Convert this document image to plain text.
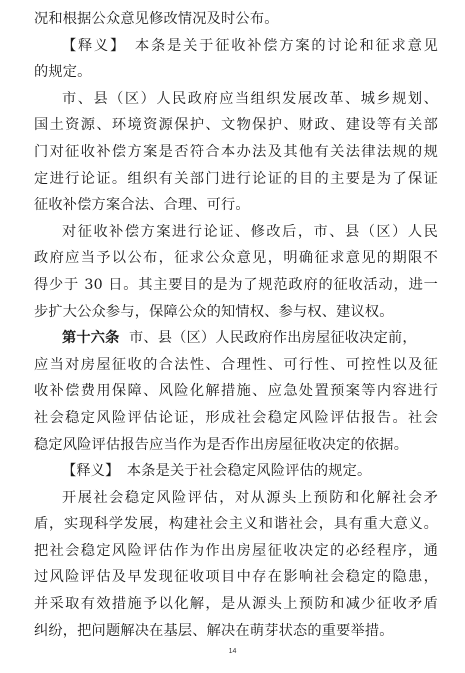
况和根据公众意见修改情况及时公布。
【释义】　本条是关于征收补偿方案的讨论和征求意见
的规定。
市、县（区）人民政府应当组织发展改革、城乡规划、
国土资源、环境资源保护、文物保护、财政、建设等有关部
门对征收补偿方案是否符合本办法及其他有关法律法规的规
定进行论证。组织有关部门进行论证的目的主要是为了保证
征收补偿方案合法、合理、可行。
对征收补偿方案进行论证、修改后，市、县（区）人民
政府应当予以公布，征求公众意见，明确征求意见的期限不
得少于 30 日。其主要目的是为了规范政府的征收活动，进一
步扩大公众参与，保障公众的知情权、参与权、建议权。
第十六条 市、县（区）人民政府作出房屋征收决定前，
应当对房屋征收的合法性、合理性、可行性、可控性以及征
收补偿费用保障、风险化解措施、应急处置预案等内容进行
社会稳定风险评估论证，形成社会稳定风险评估报告。社会
稳定风险评估报告应当作为是否作出房屋征收决定的依据。
【释义】　本条是关于社会稳定风险评估的规定。
开展社会稳定风险评估，对从源头上预防和化解社会矛
盾，实现科学发展，构建社会主义和谐社会，具有重大意义。
把社会稳定风险评估作为作出房屋征收决定的必经程序，通
过风险评估及早发现征收项目中存在影响社会稳定的隐患，
并采取有效措施予以化解，是从源头上预防和减少征收矛盾
纠纷，把问题解决在基层、解决在萌芽状态的重要举措。
14
